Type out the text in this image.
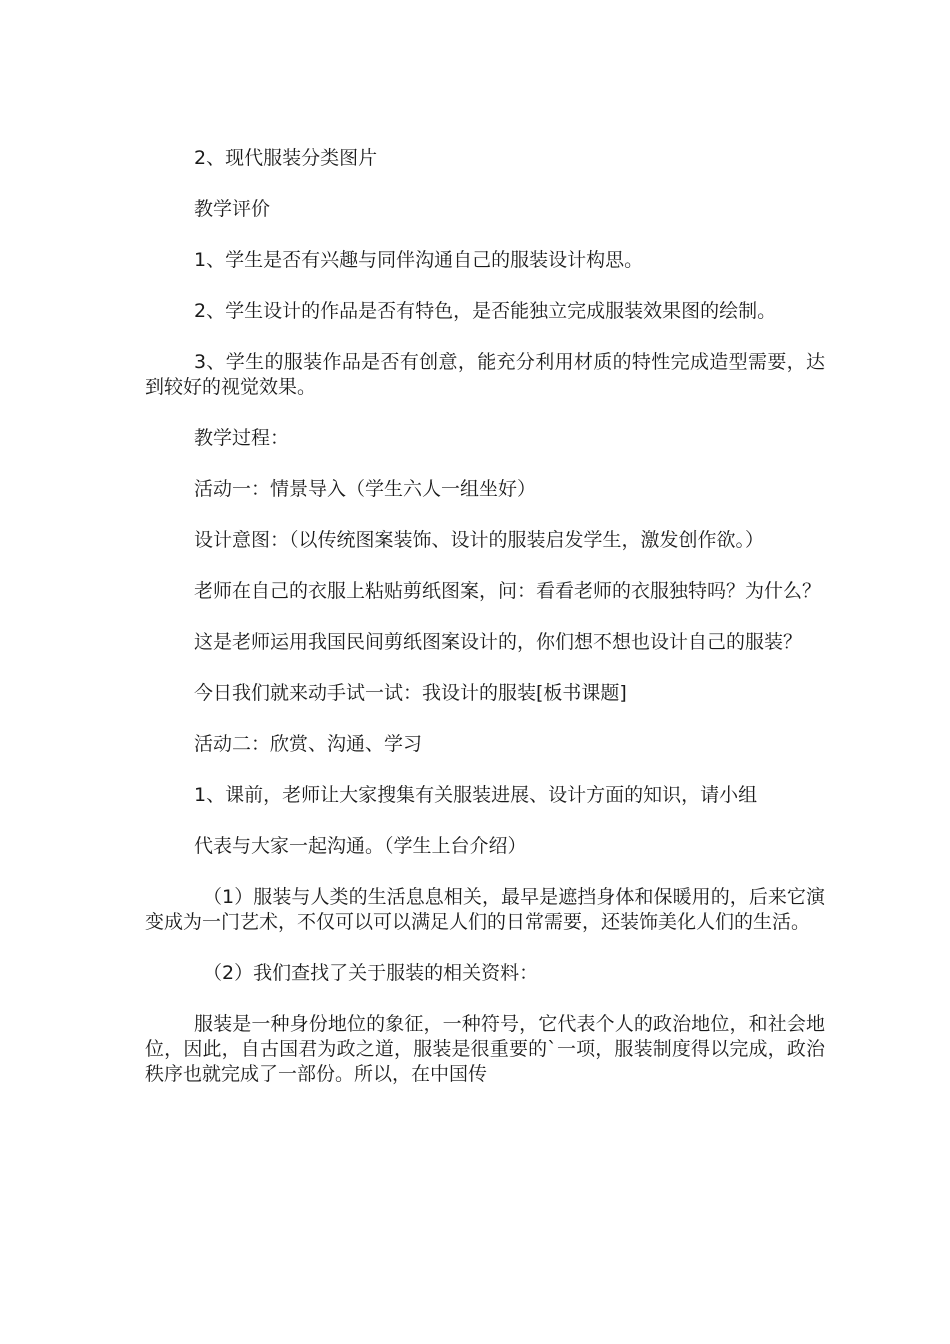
2、现代服装分类图片

教学评价

1、学生是否有兴趣与同伴沟通自己的服装设计构思。

2、学生设计的作品是否有特色，是否能独立完成服装效果图的绘制。

3、学生的服装作品是否有创意，能充分利用材质的特性完成造型需要，达到较好的视觉效果。

教学过程：

活动一：情景导入（学生六人一组坐好）

设计意图：（以传统图案装饰、设计的服装启发学生，激发创作欲。）

老师在自己的衣服上粘贴剪纸图案，问：看看老师的衣服独特吗？为什么？

这是老师运用我国民间剪纸图案设计的，你们想不想也设计自己的服装？

今日我们就来动手试一试：我设计的服装[板书课题]

活动二：欣赏、沟通、学习

1、课前，老师让大家搜集有关服装进展、设计方面的知识，请小组

代表与大家一起沟通。（学生上台介绍）

（1）服装与人类的生活息息相关，最早是遮挡身体和保暖用的，后来它演变成为一门艺术，不仅可以可以满足人们的日常需要，还装饰美化人们的生活。

（2）我们查找了关于服装的相关资料：

服装是一种身份地位的象征，一种符号，它代表个人的政治地位，和社会地位，因此，自古国君为政之道，服装是很重要的`一项，服装制度得以完成，政治秩序也就完成了一部份。所以，在中国传
